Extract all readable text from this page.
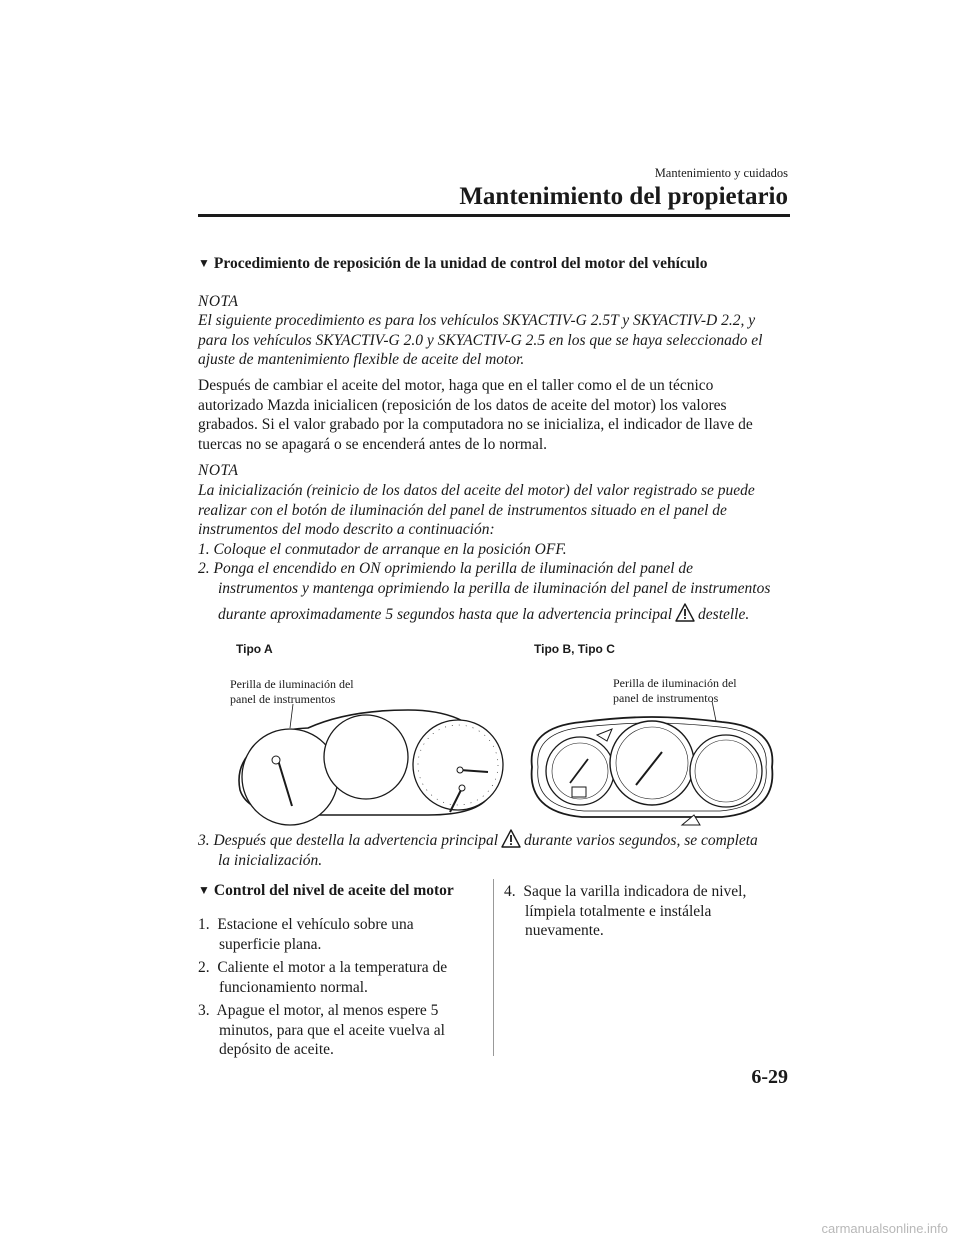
Mantenimiento y cuidados
Mantenimiento del propietario
▼ Procedimiento de reposición de la unidad de control del motor del vehículo
NOTA
El siguiente procedimiento es para los vehículos SKYACTIV-G 2.5T y SKYACTIV-D 2.2, y
para los vehículos SKYACTIV-G 2.0 y SKYACTIV-G 2.5 en los que se haya seleccionado el
ajuste de mantenimiento flexible de aceite del motor.
Después de cambiar el aceite del motor, haga que en el taller como el de un técnico
autorizado Mazda inicialicen (reposición de los datos de aceite del motor) los valores
grabados. Si el valor grabado por la computadora no se inicializa, el indicador de llave de
tuercas no se apagará o se encenderá antes de lo normal.
NOTA
La inicialización (reinicio de los datos del aceite del motor) del valor registrado se puede
realizar con el botón de iluminación del panel de instrumentos situado en el panel de
instrumentos del modo descrito a continuación:
1. Coloque el conmutador de arranque en la posición OFF.
2. Ponga el encendido en ON oprimiendo la perilla de iluminación del panel de
instrumentos y mantenga oprimiendo la perilla de iluminación del panel de instrumentos
durante aproximadamente 5 segundos hasta que la advertencia principal destelle.
Tipo A	Tipo B, Tipo C
Perilla de iluminación del
panel de instrumentos
Perilla de iluminación del
panel de instrumentos
3. Después que destella la advertencia principal durante varios segundos, se completa
la inicialización.
▼ Control del nivel de aceite del motor
1. Estacione el vehículo sobre una
superficie plana.
2. Caliente el motor a la temperatura de
funcionamiento normal.
3. Apague el motor, al menos espere 5
minutos, para que el aceite vuelva al
depósito de aceite.
4. Saque la varilla indicadora de nivel,
límpiela totalmente e instálela
nuevamente.
6-29
carmanualsonline.info
